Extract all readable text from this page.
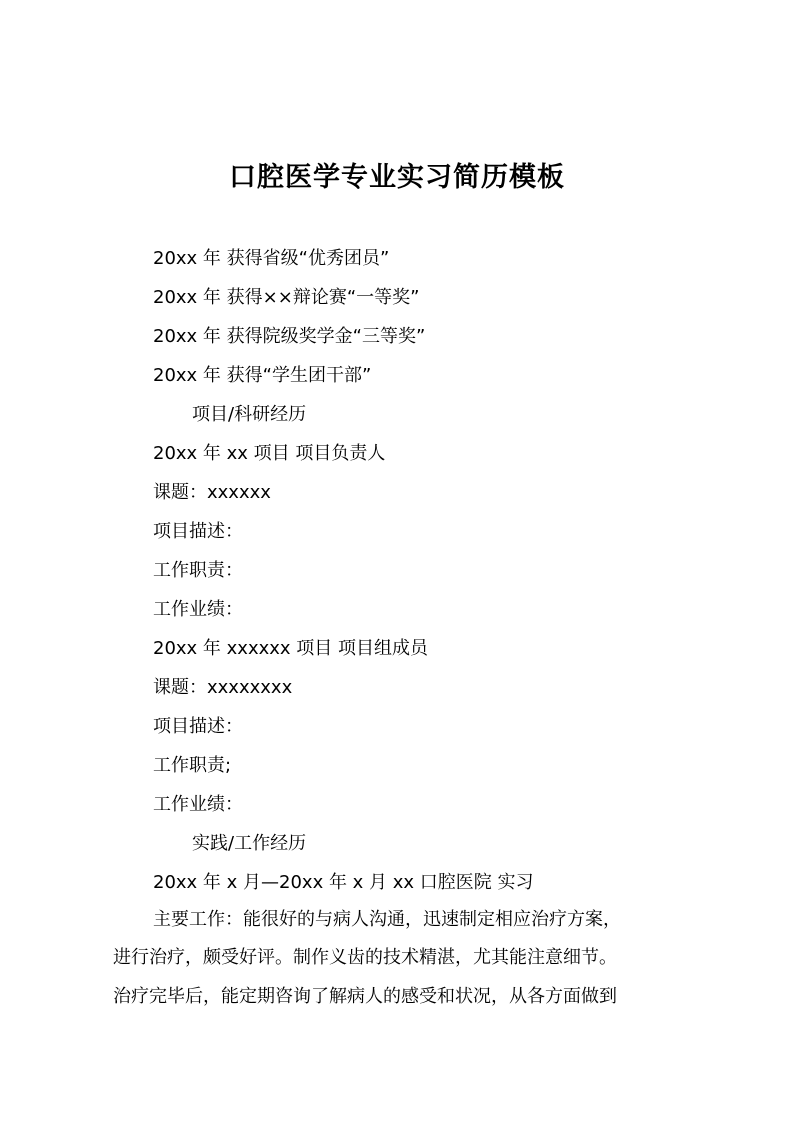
口腔医学专业实习简历模板
20xx 年 获得省级“优秀团员”
20xx 年 获得××辩论赛“一等奖”
20xx 年 获得院级奖学金“三等奖”
20xx 年 获得“学生团干部”
项目/科研经历
20xx 年 xx 项目 项目负责人
课题：xxxxxx
项目描述：
工作职责：
工作业绩：
20xx 年 xxxxxx 项目 项目组成员
课题：xxxxxxxx
项目描述：
工作职责;
工作业绩：
实践/工作经历
20xx 年 x 月—20xx 年 x 月 xx 口腔医院 实习
主要工作：能很好的与病人沟通，迅速制定相应治疗方案，
进行治疗，颇受好评。制作义齿的技术精湛，尤其能注意细节。
治疗完毕后，能定期咨询了解病人的感受和状况，从各方面做到
